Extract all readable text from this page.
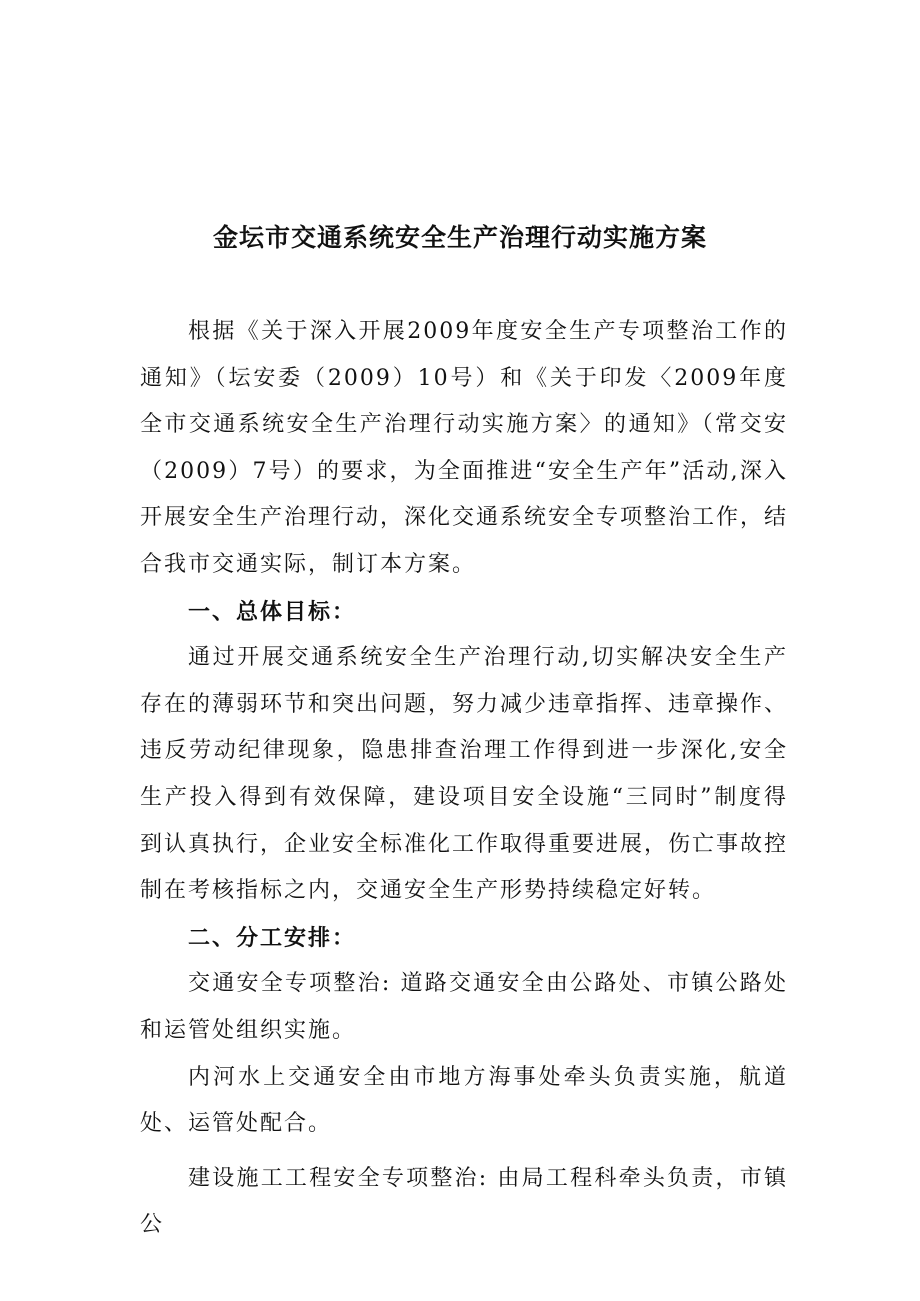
金坛市交通系统安全生产治理行动实施方案

根据《关于深入开展2009年度安全生产专项整治工作的通知》（坛安委（2009）10号）和《关于印发〈2009年度全市交通系统安全生产治理行动实施方案〉的通知》（常交安（2009）7号）的要求，为全面推进“安全生产年”活动,深入开展安全生产治理行动，深化交通系统安全专项整治工作，结合我市交通实际，制订本方案。

一、总体目标：

通过开展交通系统安全生产治理行动,切实解决安全生产存在的薄弱环节和突出问题，努力减少违章指挥、违章操作、违反劳动纪律现象，隐患排查治理工作得到进一步深化,安全生产投入得到有效保障，建设项目安全设施“三同时”制度得到认真执行，企业安全标准化工作取得重要进展，伤亡事故控制在考核指标之内，交通安全生产形势持续稳定好转。

二、分工安排：

交通安全专项整治: 道路交通安全由公路处、市镇公路处和运管处组织实施。

内河水上交通安全由市地方海事处牵头负责实施，航道处、运管处配合。

建设施工工程安全专项整治: 由局工程科牵头负责，市镇公
